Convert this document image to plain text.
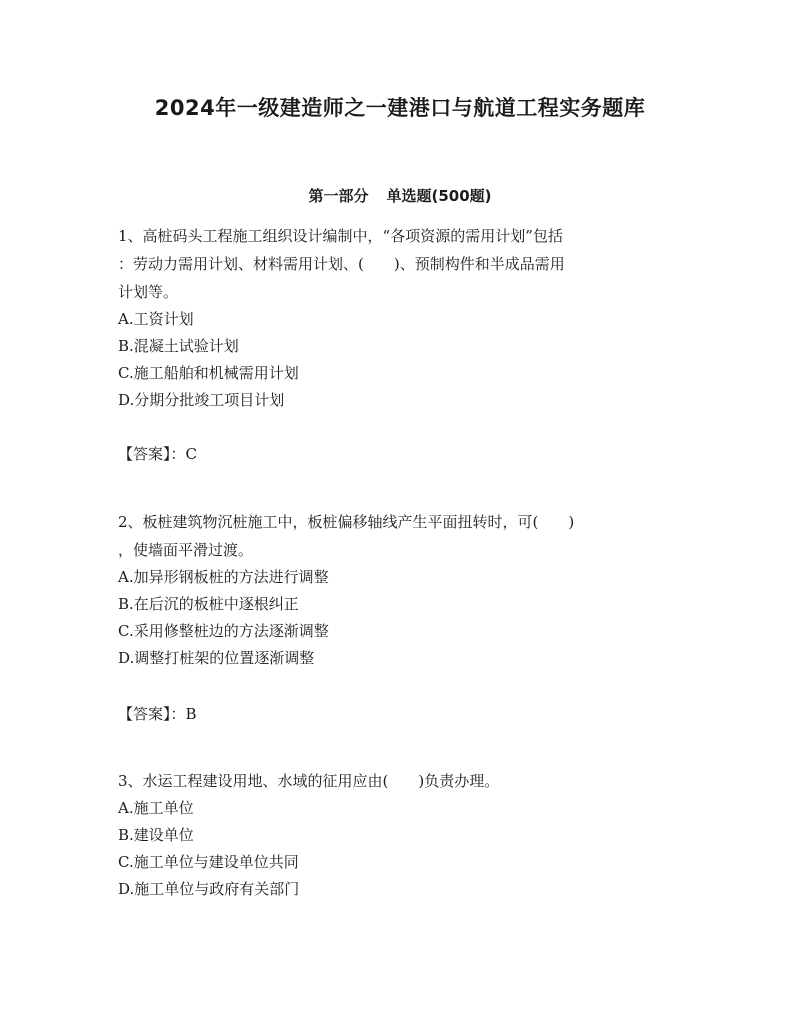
2024年一级建造师之一建港口与航道工程实务题库
第一部分 单选题(500题)
1、高桩码头工程施工组织设计编制中，“各项资源的需用计划”包括
：劳动力需用计划、材料需用计划、(　　)、预制构件和半成品需用
计划等。
A.工资计划
B.混凝土试验计划
C.施工船舶和机械需用计划
D.分期分批竣工项目计划
【答案】：C
2、板桩建筑物沉桩施工中，板桩偏移轴线产生平面扭转时，可(　　)
，使墙面平滑过渡。
A.加异形钢板桩的方法进行调整
B.在后沉的板桩中逐根纠正
C.采用修整桩边的方法逐渐调整
D.调整打桩架的位置逐渐调整
【答案】：B
3、水运工程建设用地、水域的征用应由(　　)负责办理。
A.施工单位
B.建设单位
C.施工单位与建设单位共同
D.施工单位与政府有关部门
